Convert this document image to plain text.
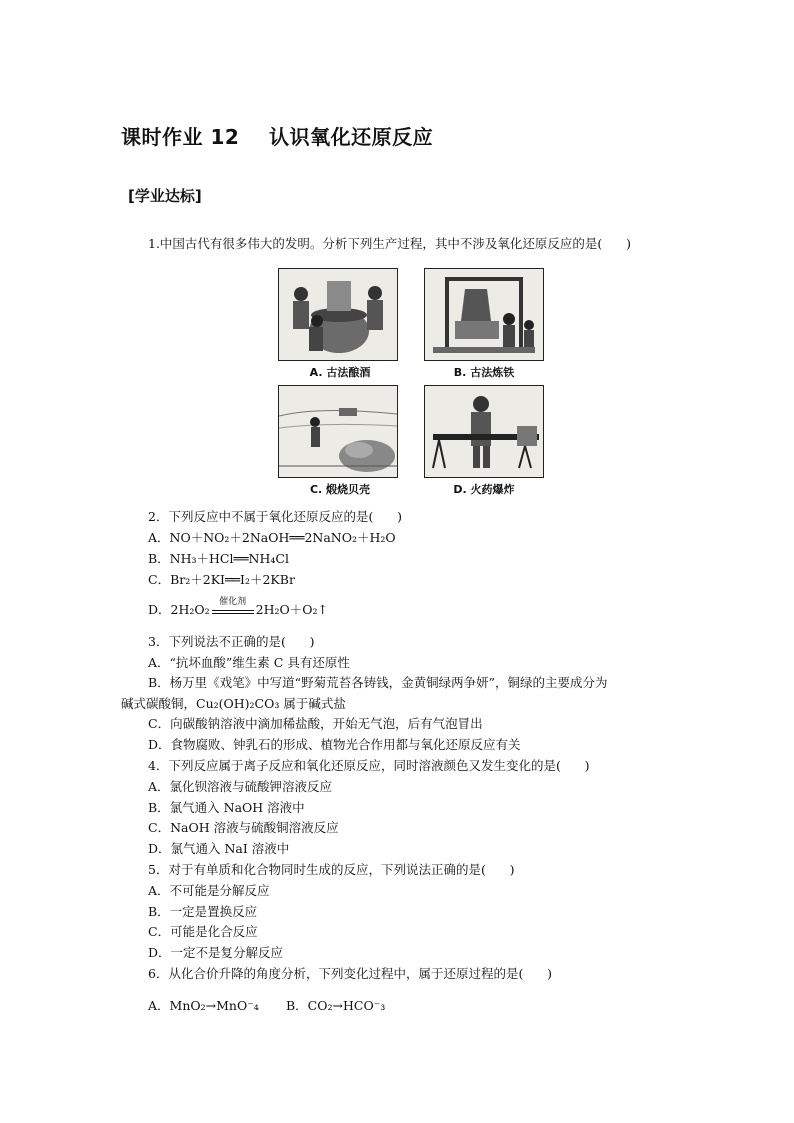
课时作业 12    认识氧化还原反应
[学业达标]
1.中国古代有很多伟大的发明。分析下列生产过程，其中不涉及氧化还原反应的是(      )
A. 古法酿酒	B. 古法炼铁
C. 煅烧贝壳	D. 火药爆炸
2．下列反应中不属于氧化还原反应的是(      )
A．NO＋NO₂＋2NaOH══2NaNO₂＋H₂O
B．NH₃＋HCl══NH₄Cl
C．Br₂＋2KI══I₂＋2KBr
D．2H₂O₂
催化剂
2H₂O＋O₂↑
3．下列说法不正确的是(      )
A．“抗坏血酸”维生素 C 具有还原性
B．杨万里《戏笔》中写道“野菊荒苔各铸钱，金黄铜绿两争妍”，铜绿的主要成分为
碱式碳酸铜，Cu₂(OH)₂CO₃ 属于碱式盐
C．向碳酸钠溶液中滴加稀盐酸，开始无气泡，后有气泡冒出
D．食物腐败、钟乳石的形成、植物光合作用都与氧化还原反应有关
4．下列反应属于离子反应和氧化还原反应，同时溶液颜色又发生变化的是(      )
A．氯化钡溶液与硫酸钾溶液反应
B．氯气通入 NaOH 溶液中
C．NaOH 溶液与硫酸铜溶液反应
D．氯气通入 NaI 溶液中
5．对于有单质和化合物同时生成的反应，下列说法正确的是(      )
A．不可能是分解反应
B．一定是置换反应
C．可能是化合反应
D．一定不是复分解反应
6．从化合价升降的角度分析，下列变化过程中，属于还原过程的是(      )
A．MnO₂→MnO⁻₄ B．CO₂→HCO⁻₃
